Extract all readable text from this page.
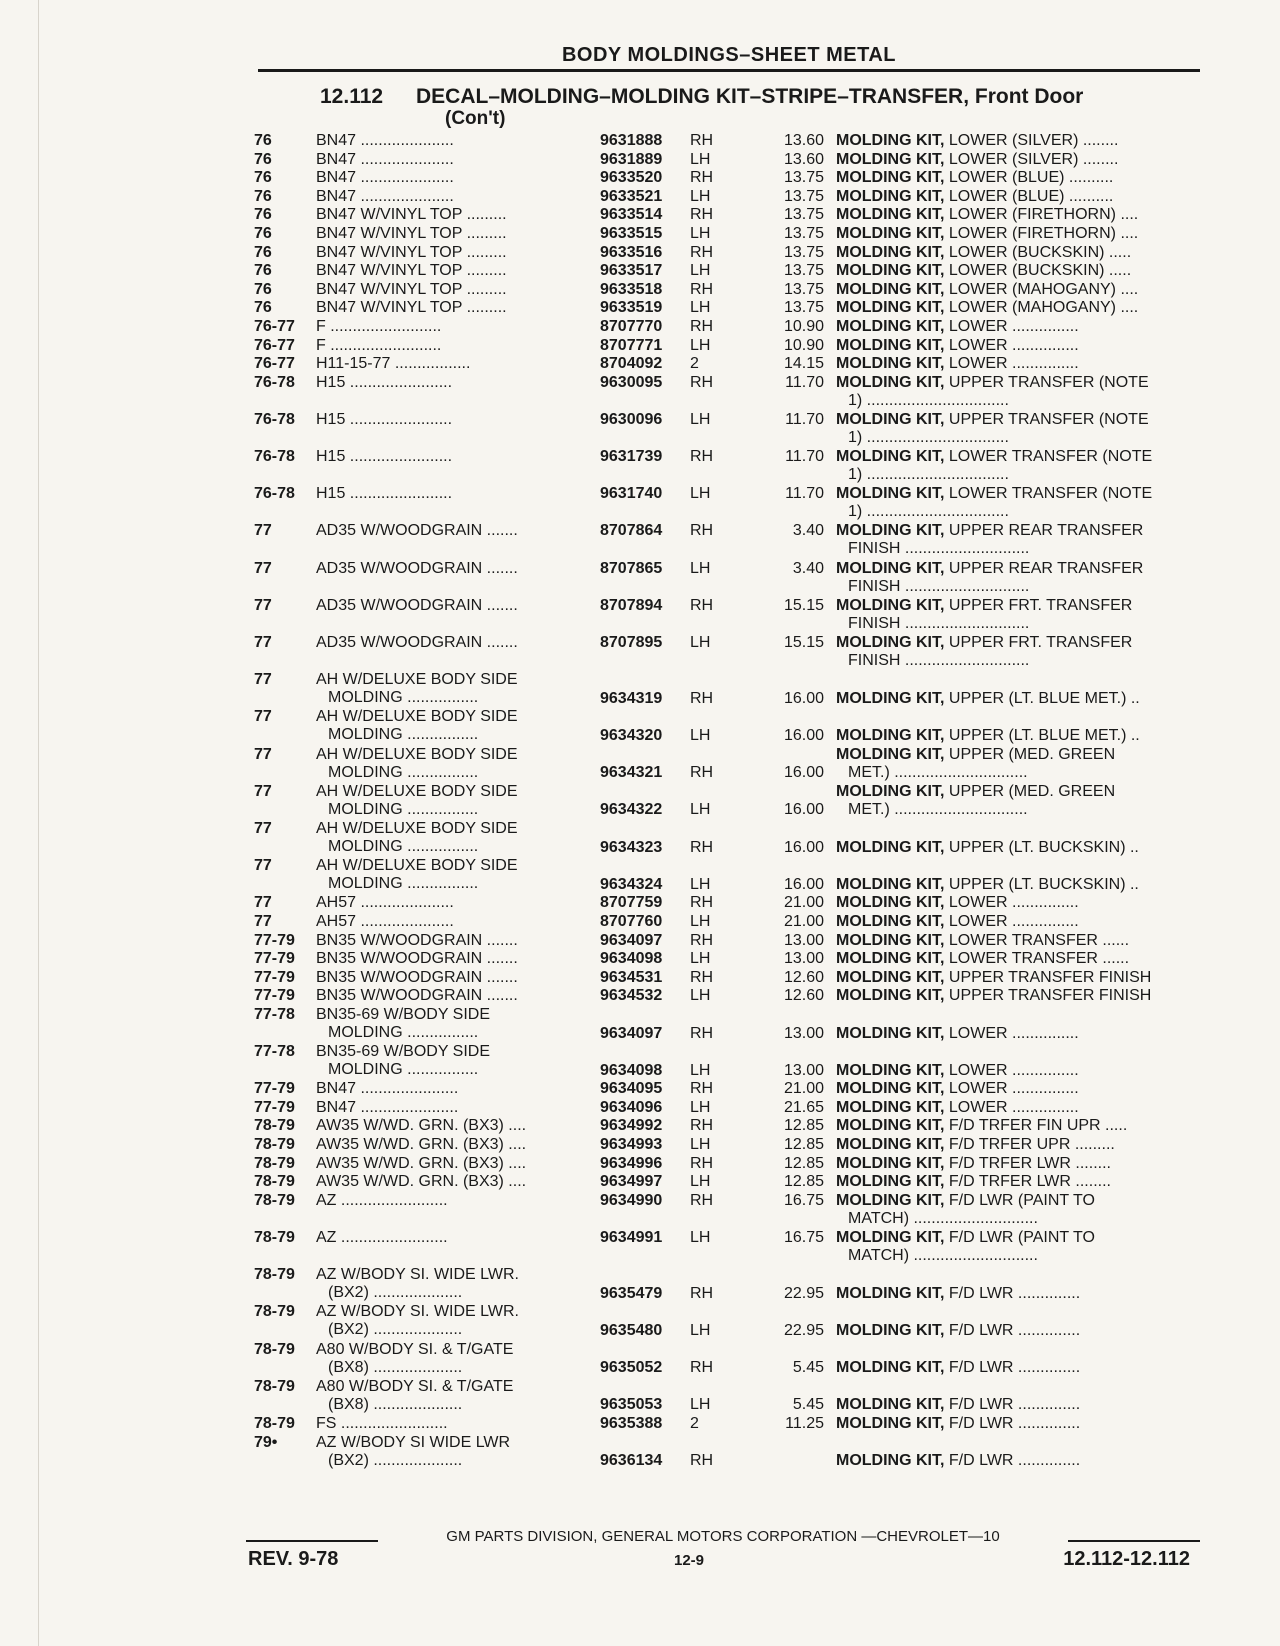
BODY MOLDINGS–SHEET METAL
12.112 DECAL–MOLDING–MOLDING KIT–STRIPE–TRANSFER, Front Door
(Con't)
76	BN47 .....................	9631888 RH	13.60 MOLDING KIT, LOWER (SILVER) ........
76	BN47 .....................	9631889 LH	13.60 MOLDING KIT, LOWER (SILVER) ........
76	BN47 .....................	9633520 RH	13.75 MOLDING KIT, LOWER (BLUE) ..........
76	BN47 .....................	9633521 LH	13.75 MOLDING KIT, LOWER (BLUE) ..........
76	BN47 W/VINYL TOP .........	9633514 RH	13.75 MOLDING KIT, LOWER (FIRETHORN) ....
76	BN47 W/VINYL TOP .........	9633515 LH	13.75 MOLDING KIT, LOWER (FIRETHORN) ....
76	BN47 W/VINYL TOP .........	9633516 RH	13.75 MOLDING KIT, LOWER (BUCKSKIN) .....
76	BN47 W/VINYL TOP .........	9633517 LH	13.75 MOLDING KIT, LOWER (BUCKSKIN) .....
76	BN47 W/VINYL TOP .........	9633518 RH	13.75 MOLDING KIT, LOWER (MAHOGANY) ....
76	BN47 W/VINYL TOP .........	9633519 LH	13.75 MOLDING KIT, LOWER (MAHOGANY) ....
76-77 F .........................	8707770 RH	10.90 MOLDING KIT, LOWER ...............
76-77 F .........................	8707771 LH	10.90 MOLDING KIT, LOWER ...............
76-77 H11-15-77 .................	8704092 2	14.15 MOLDING KIT, LOWER ...............
76-78 H15 .......................	9630095 RH	11.70 MOLDING KIT, UPPER TRANSFER (NOTE
1) ................................
76-78 H15 .......................	9630096 LH	11.70 MOLDING KIT, UPPER TRANSFER (NOTE
1) ................................
76-78 H15 .......................	9631739 RH	11.70 MOLDING KIT, LOWER TRANSFER (NOTE
1) ................................
76-78 H15 .......................	9631740 LH	11.70 MOLDING KIT, LOWER TRANSFER (NOTE
1) ................................
77	AD35 W/WOODGRAIN .......	8707864 RH	3.40 MOLDING KIT, UPPER REAR TRANSFER
FINISH ............................
77	AD35 W/WOODGRAIN .......	8707865 LH	3.40 MOLDING KIT, UPPER REAR TRANSFER
FINISH ............................
77	AD35 W/WOODGRAIN .......	8707894 RH	15.15 MOLDING KIT, UPPER FRT. TRANSFER
FINISH ............................
77	AD35 W/WOODGRAIN .......	8707895 LH	15.15 MOLDING KIT, UPPER FRT. TRANSFER
FINISH ............................
77	AH W/DELUXE BODY SIDE
MOLDING ................	9634319 RH	16.00 MOLDING KIT, UPPER (LT. BLUE MET.) ..
77	AH W/DELUXE BODY SIDE
MOLDING ................	9634320 LH	16.00 MOLDING KIT, UPPER (LT. BLUE MET.) ..
77	AH W/DELUXE BODY SIDE
MOLDING ................	9634321 RH	16.00
MOLDING KIT, UPPER (MED. GREEN
MET.) ..............................
77	AH W/DELUXE BODY SIDE
MOLDING ................	9634322 LH	16.00
MOLDING KIT, UPPER (MED. GREEN
MET.) ..............................
77	AH W/DELUXE BODY SIDE
MOLDING ................	9634323 RH	16.00 MOLDING KIT, UPPER (LT. BUCKSKIN) ..
77	AH W/DELUXE BODY SIDE
MOLDING ................	9634324 LH	16.00 MOLDING KIT, UPPER (LT. BUCKSKIN) ..
77	AH57 .....................	8707759 RH	21.00 MOLDING KIT, LOWER ...............
77	AH57 .....................	8707760 LH	21.00 MOLDING KIT, LOWER ...............
77-79 BN35 W/WOODGRAIN .......	9634097 RH	13.00 MOLDING KIT, LOWER TRANSFER ......
77-79 BN35 W/WOODGRAIN .......	9634098 LH	13.00 MOLDING KIT, LOWER TRANSFER ......
77-79 BN35 W/WOODGRAIN .......	9634531 RH	12.60 MOLDING KIT, UPPER TRANSFER FINISH
77-79 BN35 W/WOODGRAIN .......	9634532 LH	12.60 MOLDING KIT, UPPER TRANSFER FINISH
77-78 BN35-69 W/BODY SIDE
MOLDING ................	9634097 RH	13.00 MOLDING KIT, LOWER ...............
77-78 BN35-69 W/BODY SIDE
MOLDING ................	9634098 LH	13.00 MOLDING KIT, LOWER ...............
77-79 BN47 ......................	9634095 RH	21.00 MOLDING KIT, LOWER ...............
77-79 BN47 ......................	9634096 LH	21.65 MOLDING KIT, LOWER ...............
78-79 AW35 W/WD. GRN. (BX3) ....	9634992 RH	12.85 MOLDING KIT, F/D TRFER FIN UPR .....
78-79 AW35 W/WD. GRN. (BX3) ....	9634993 LH	12.85 MOLDING KIT, F/D TRFER UPR .........
78-79 AW35 W/WD. GRN. (BX3) ....	9634996 RH	12.85 MOLDING KIT, F/D TRFER LWR ........
78-79 AW35 W/WD. GRN. (BX3) ....	9634997 LH	12.85 MOLDING KIT, F/D TRFER LWR ........
78-79 AZ ........................	9634990 RH	16.75 MOLDING KIT, F/D LWR (PAINT TO
MATCH) ............................
78-79 AZ ........................	9634991 LH	16.75 MOLDING KIT, F/D LWR (PAINT TO
MATCH) ............................
78-79 AZ W/BODY SI. WIDE LWR.
(BX2) ....................	9635479 RH	22.95 MOLDING KIT, F/D LWR ..............
78-79 AZ W/BODY SI. WIDE LWR.
(BX2) ....................	9635480 LH	22.95 MOLDING KIT, F/D LWR ..............
78-79 A80 W/BODY SI. & T/GATE
(BX8) ....................	9635052 RH	5.45 MOLDING KIT, F/D LWR ..............
78-79 A80 W/BODY SI. & T/GATE
(BX8) ....................	9635053 LH	5.45 MOLDING KIT, F/D LWR ..............
78-79 FS ........................	9635388 2	11.25 MOLDING KIT, F/D LWR ..............
79• AZ W/BODY SI WIDE LWR
(BX2) ....................	9636134 RH	MOLDING KIT, F/D LWR ..............
GM PARTS DIVISION, GENERAL MOTORS CORPORATION —CHEVROLET—10
REV. 9-78	12-9	12.112-12.112
